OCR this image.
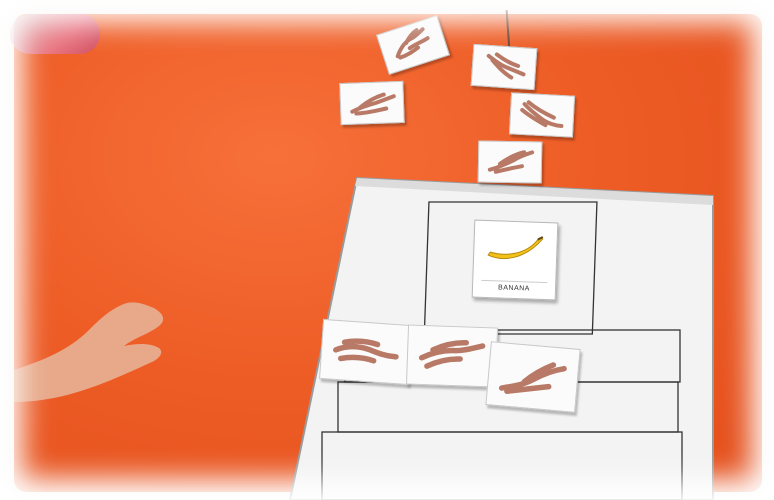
BANANA
